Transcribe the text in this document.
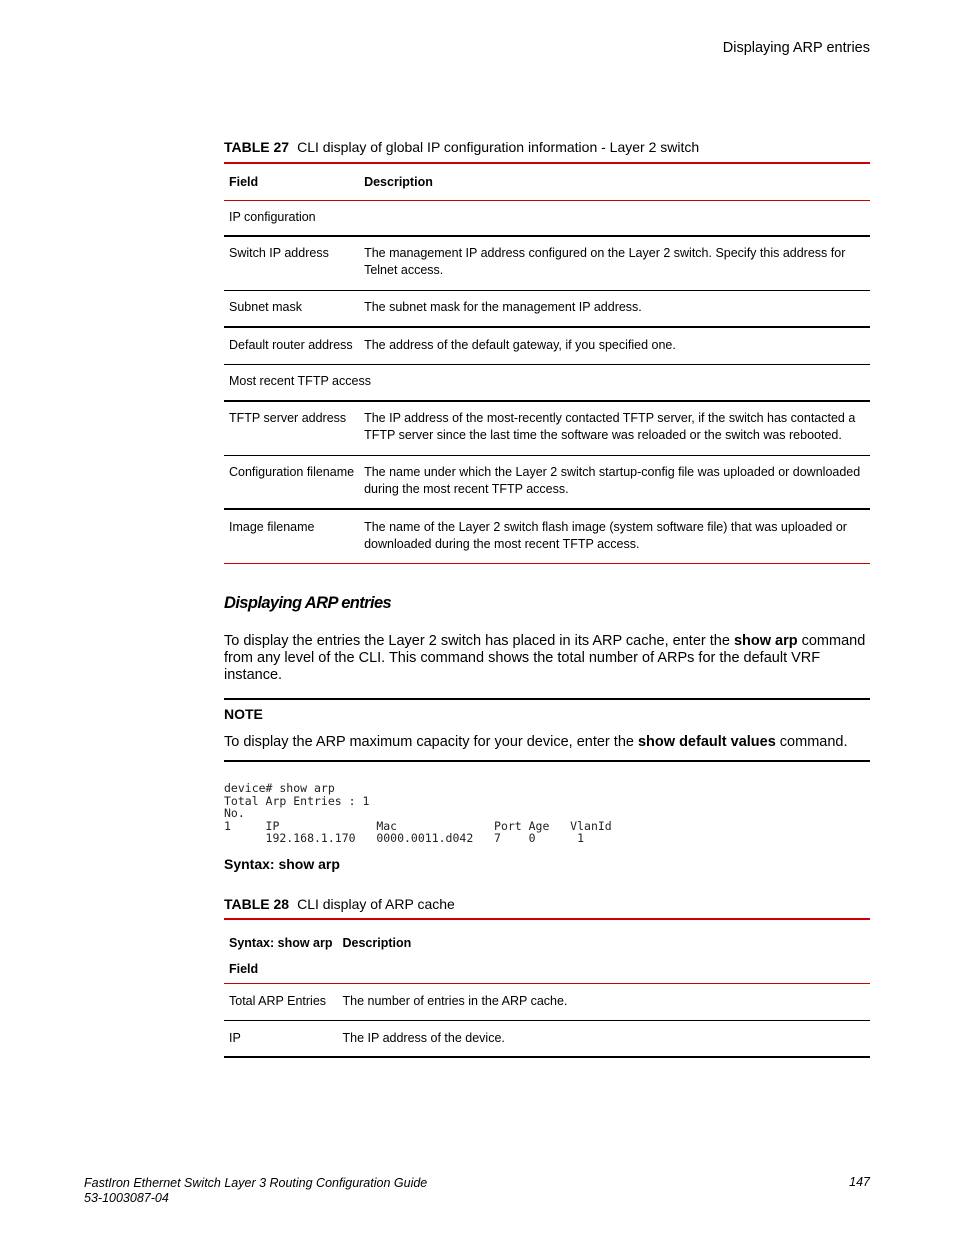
Displaying ARP entries
TABLE 27 CLI display of global IP configuration information - Layer 2 switch
Field	Description
IP configuration	
Switch IP address	The management IP address configured on the Layer 2 switch. Specify this address for Telnet access.
Subnet mask	The subnet mask for the management IP address.
Default router address	The address of the default gateway, if you specified one.
Most recent TFTP access	
TFTP server address	The IP address of the most-recently contacted TFTP server, if the switch has contacted a TFTP server since the last time the software was reloaded or the switch was rebooted.
Configuration filename	The name under which the Layer 2 switch startup-config file was uploaded or downloaded during the most recent TFTP access.
Image filename	The name of the Layer 2 switch flash image (system software file) that was uploaded or downloaded during the most recent TFTP access.
Displaying ARP entries
To display the entries the Layer 2 switch has placed in its ARP cache, enter the show arp command from any level of the CLI. This command shows the total number of ARPs for the default VRF instance.
NOTE
To display the ARP maximum capacity for your device, enter the show default values command.
device# show arp
Total Arp Entries : 1
No.
1     IP              Mac              Port Age   VlanId
192.168.1.170   0000.0011.d042   7    0      1
Syntax: show arp
TABLE 28 CLI display of ARP cache
Syntax: show arp
Field	Description
Total ARP Entries	The number of entries in the ARP cache.
IP	The IP address of the device.
FastIron Ethernet Switch Layer 3 Routing Configuration Guide
53-1003087-04
147
